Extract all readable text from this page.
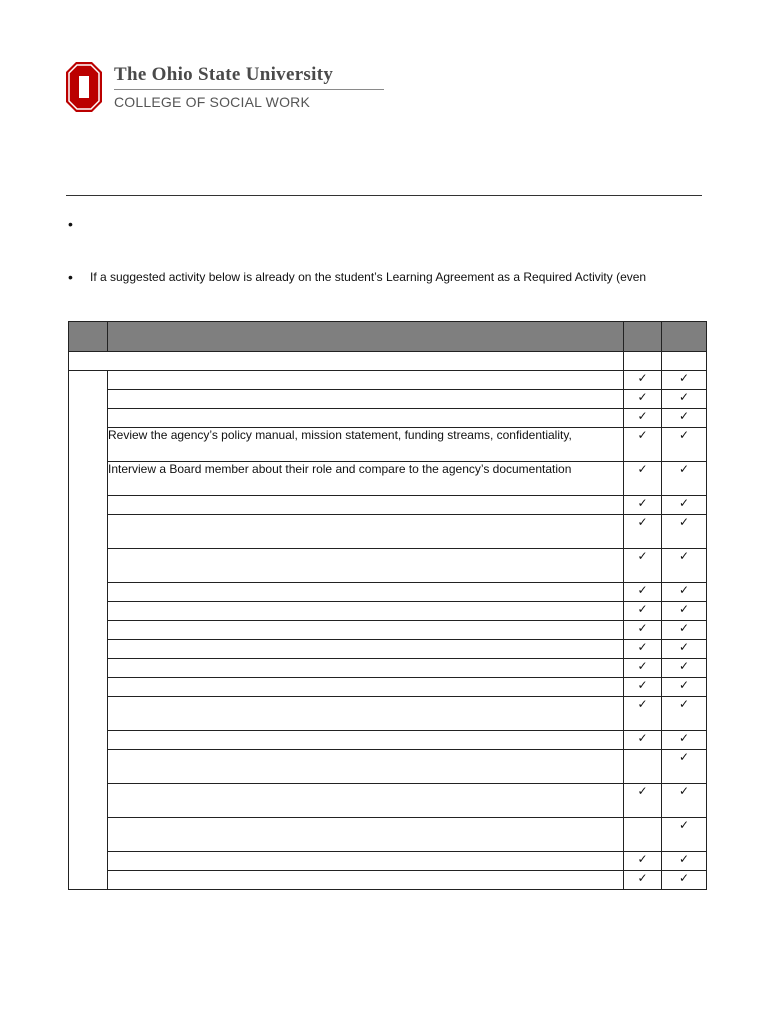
The Ohio State University
COLLEGE OF SOCIAL WORK
•
• If a suggested activity below is already on the student’s Learning Agreement as a Required Activity (even

		✓	✓
		✓	✓
		✓	✓
	Review the agency’s policy manual, mission statement, funding streams, confidentiality,	✓	✓
	Interview a Board member about their role and compare to the agency’s documentation	✓	✓
		✓	✓
		✓	✓
		✓	✓
		✓	✓
		✓	✓
		✓	✓
		✓	✓
		✓	✓
		✓	✓
		✓	✓
		✓	✓
			✓
		✓	✓
			✓
		✓	✓
		✓	✓
